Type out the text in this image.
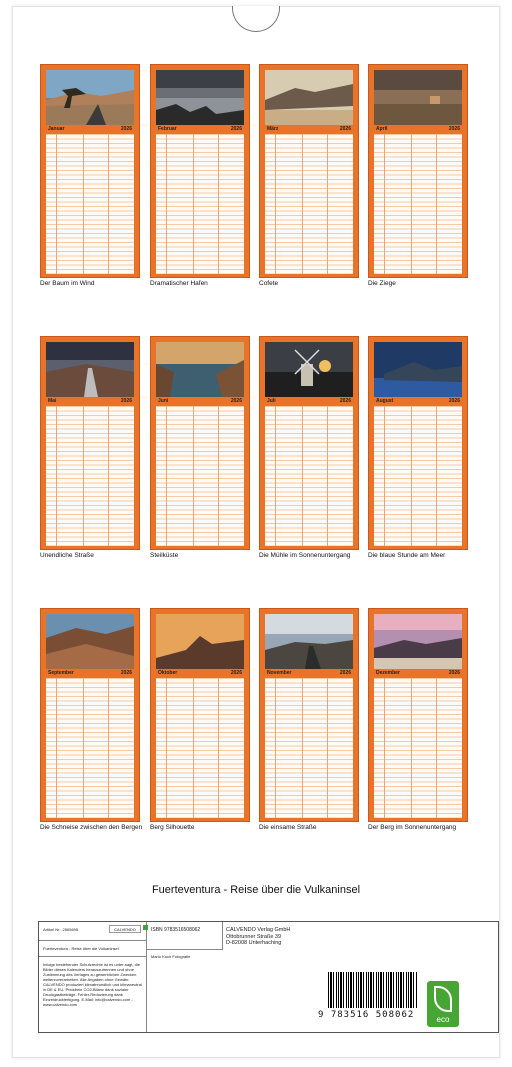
Januar	2026
Der Baum im Wind
Februar	2026
Dramatischer Hafen
März	2026
Cofete
April	2026
Die Ziege
Mai	2026
Unendliche Straße
Juni	2026
Steilküste
Juli	2026
Die Mühle im Sonnenuntergang
August	2026
Die blaue Stunde am Meer
September	2026
Die Schneise zwischen den Bergen
Oktober	2026
Berg Silhouette
November	2026
Die einsame Straße
Dezember	2026
Der Berg im Sonnenuntergang
Fuerteventura - Reise über die Vulkaninsel
Artikel Nr.: 2565695	CALVENDO
Fuerteventura - Reise über die Vulkaninsel
Infolge bestehender Schutzrechte ist es unter-sagt, die Bilder dieses Kalenders herauszutrennen und ohne Zustimmung des Verlages zu gewerblichen Zwecken weiterzuverarbeiten. Alle Angaben ohne Gewähr. CALVENDO produziert klimafreundlich und klimaneutral in DE & EU. Preisfreie CO2-Bilanz dank sozialer Druckgastbeiträge. Fehler-Reduzierung dank Einzeldruckfertigung. E-Mail: info@calvendo.com - www.calvendo.com
ISBN 9783516508062	CALVENDO Verlag GmbH
Ottobrunner Straße 39
D-82008 Unterhaching
Mario Koch Fotografie
9 783516 508062	eco
